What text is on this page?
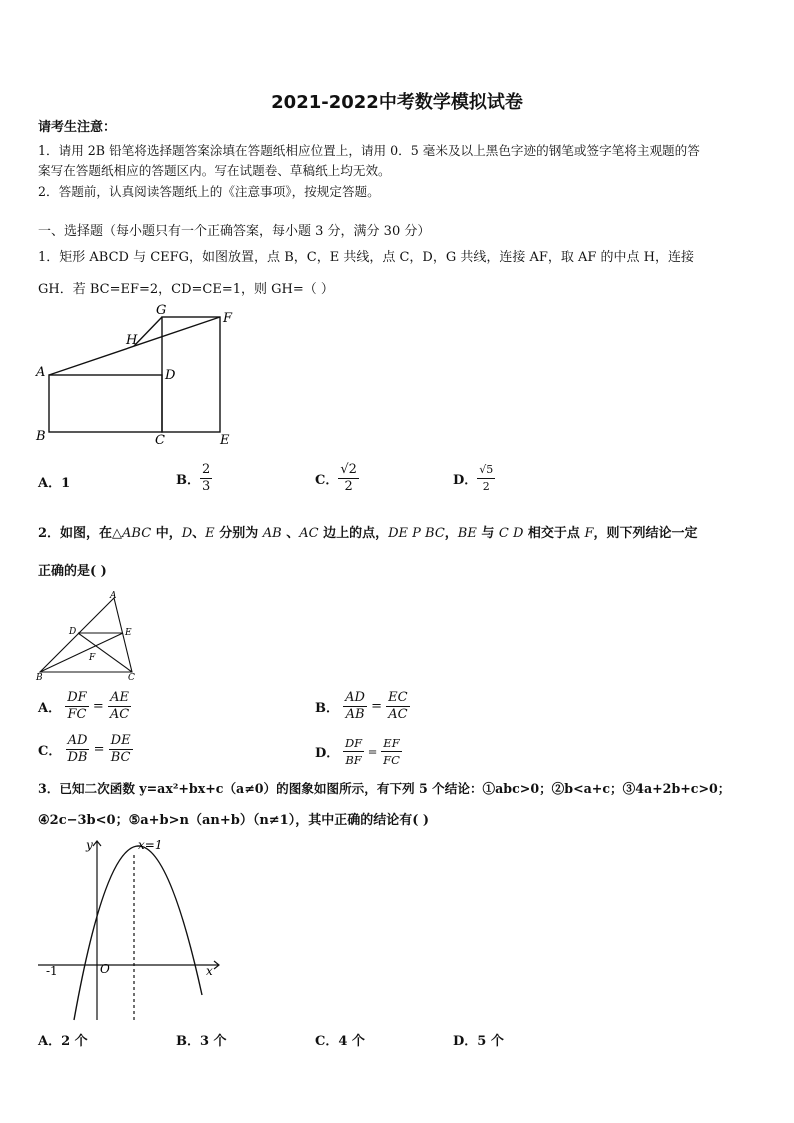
2021-2022中考数学模拟试卷
请考生注意：
1．请用 2B 铅笔将选择题答案涂填在答题纸相应位置上，请用 0．5 毫米及以上黑色字迹的钢笔或签字笔将主观题的答
案写在答题纸相应的答题区内。写在试题卷、草稿纸上均无效。
2．答题前，认真阅读答题纸上的《注意事项》，按规定答题。
一、选择题（每小题只有一个正确答案，每小题 3 分，满分 30 分）
1．矩形 ABCD 与 CEFG，如图放置，点 B，C，E 共线，点 C，D，G 共线，连接 AF，取 AF 的中点 H，连接
GH．若 BC=EF=2，CD=CE=1，则 GH=（ ）
A
B	C
D
E
F
G
H
A．1	B． $\frac{2}{3}$	C． $\frac{√2}{2}$	D． $\frac{√5}{2}$
2．如图，在△ABC 中，D、E 分别为 AB 、AC 边上的点，DE P BC，BE 与 C D 相交于点 F，则下列结论一定
正确的是( )
A
B	C
D	E
F
A． $\frac{DF}{FC} = \frac{AE}{AC}$	B． $\frac{AD}{AB} = \frac{EC}{AC}$
C． $\frac{AD}{DB} = \frac{DE}{BC}$	D． $\frac{DF}{BF} = \frac{EF}{FC}$
3．已知二次函数 y=ax²+bx+c（a≠0）的图象如图所示，有下列 5 个结论：①abc>0；②b<a+c；③4a+2b+c>0；
④2c−3b<0；⑤a+b>n（an+b）（n≠1），其中正确的结论有( )
y
x
O
-1
x=1
A．2 个	B．3 个	C．4 个	D．5 个
